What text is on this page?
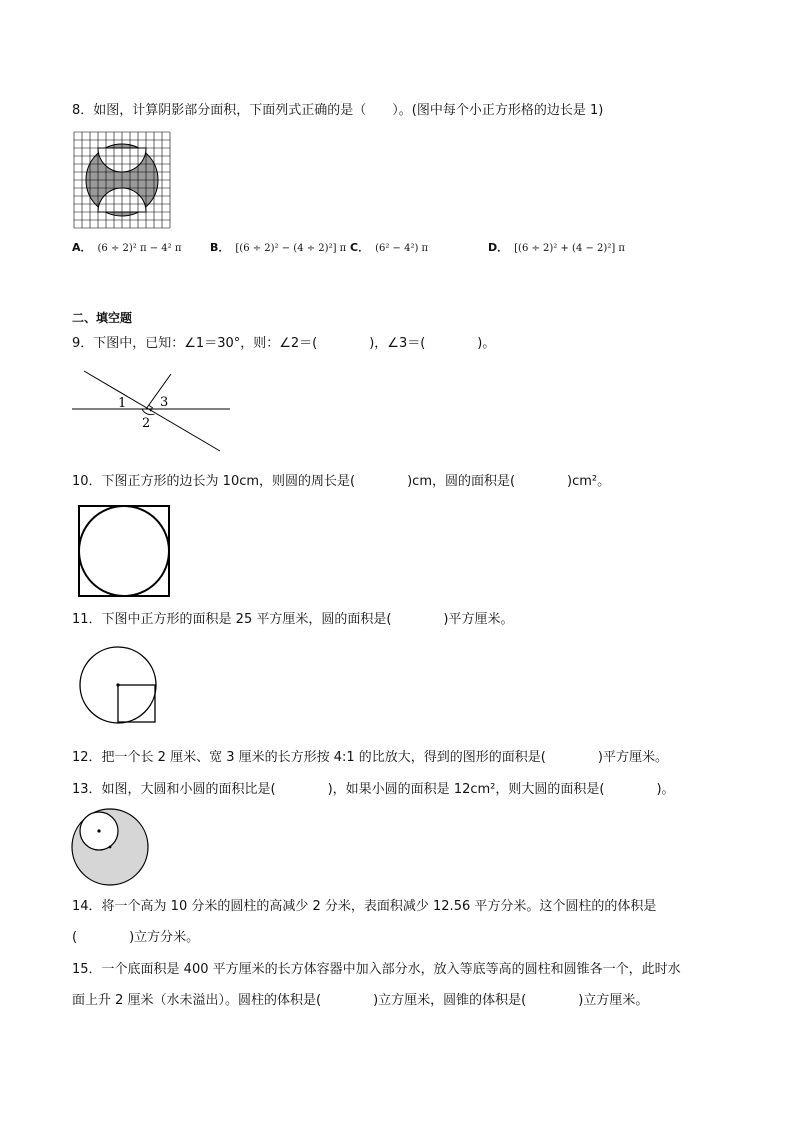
8．如图，计算阴影部分面积，下面列式正确的是（　　）。(图中每个小正方形格的边长是 1)
A． (6 ÷ 2)² π − 4² π	B． [(6 ÷ 2)² − (4 ÷ 2)²] π C． (6² − 4²) π	D． [(6 ÷ 2)² + (4 − 2)²] π
二、填空题
9．下图中，已知：∠1＝30°，则：∠2＝(　　　　)，∠3＝(　　　　)。
1
2
3
10．下图正方形的边长为 10cm，则圆的周长是(　　　　)cm，圆的面积是(　　　　)cm²。
11．下图中正方形的面积是 25 平方厘米，圆的面积是(　　　　)平方厘米。
12．把一个长 2 厘米、宽 3 厘米的长方形按 4:1 的比放大，得到的图形的面积是(　　　　)平方厘米。
13．如图，大圆和小圆的面积比是(　　　　)，如果小圆的面积是 12cm²，则大圆的面积是(　　　　)。
14．将一个高为 10 分米的圆柱的高减少 2 分米，表面积减少 12.56 平方分米。这个圆柱的的体积是
(　　　　)立方分米。
15．一个底面积是 400 平方厘米的长方体容器中加入部分水，放入等底等高的圆柱和圆锥各一个，此时水
面上升 2 厘米（水未溢出）。圆柱的体积是(　　　　)立方厘米，圆锥的体积是(　　　　)立方厘米。
